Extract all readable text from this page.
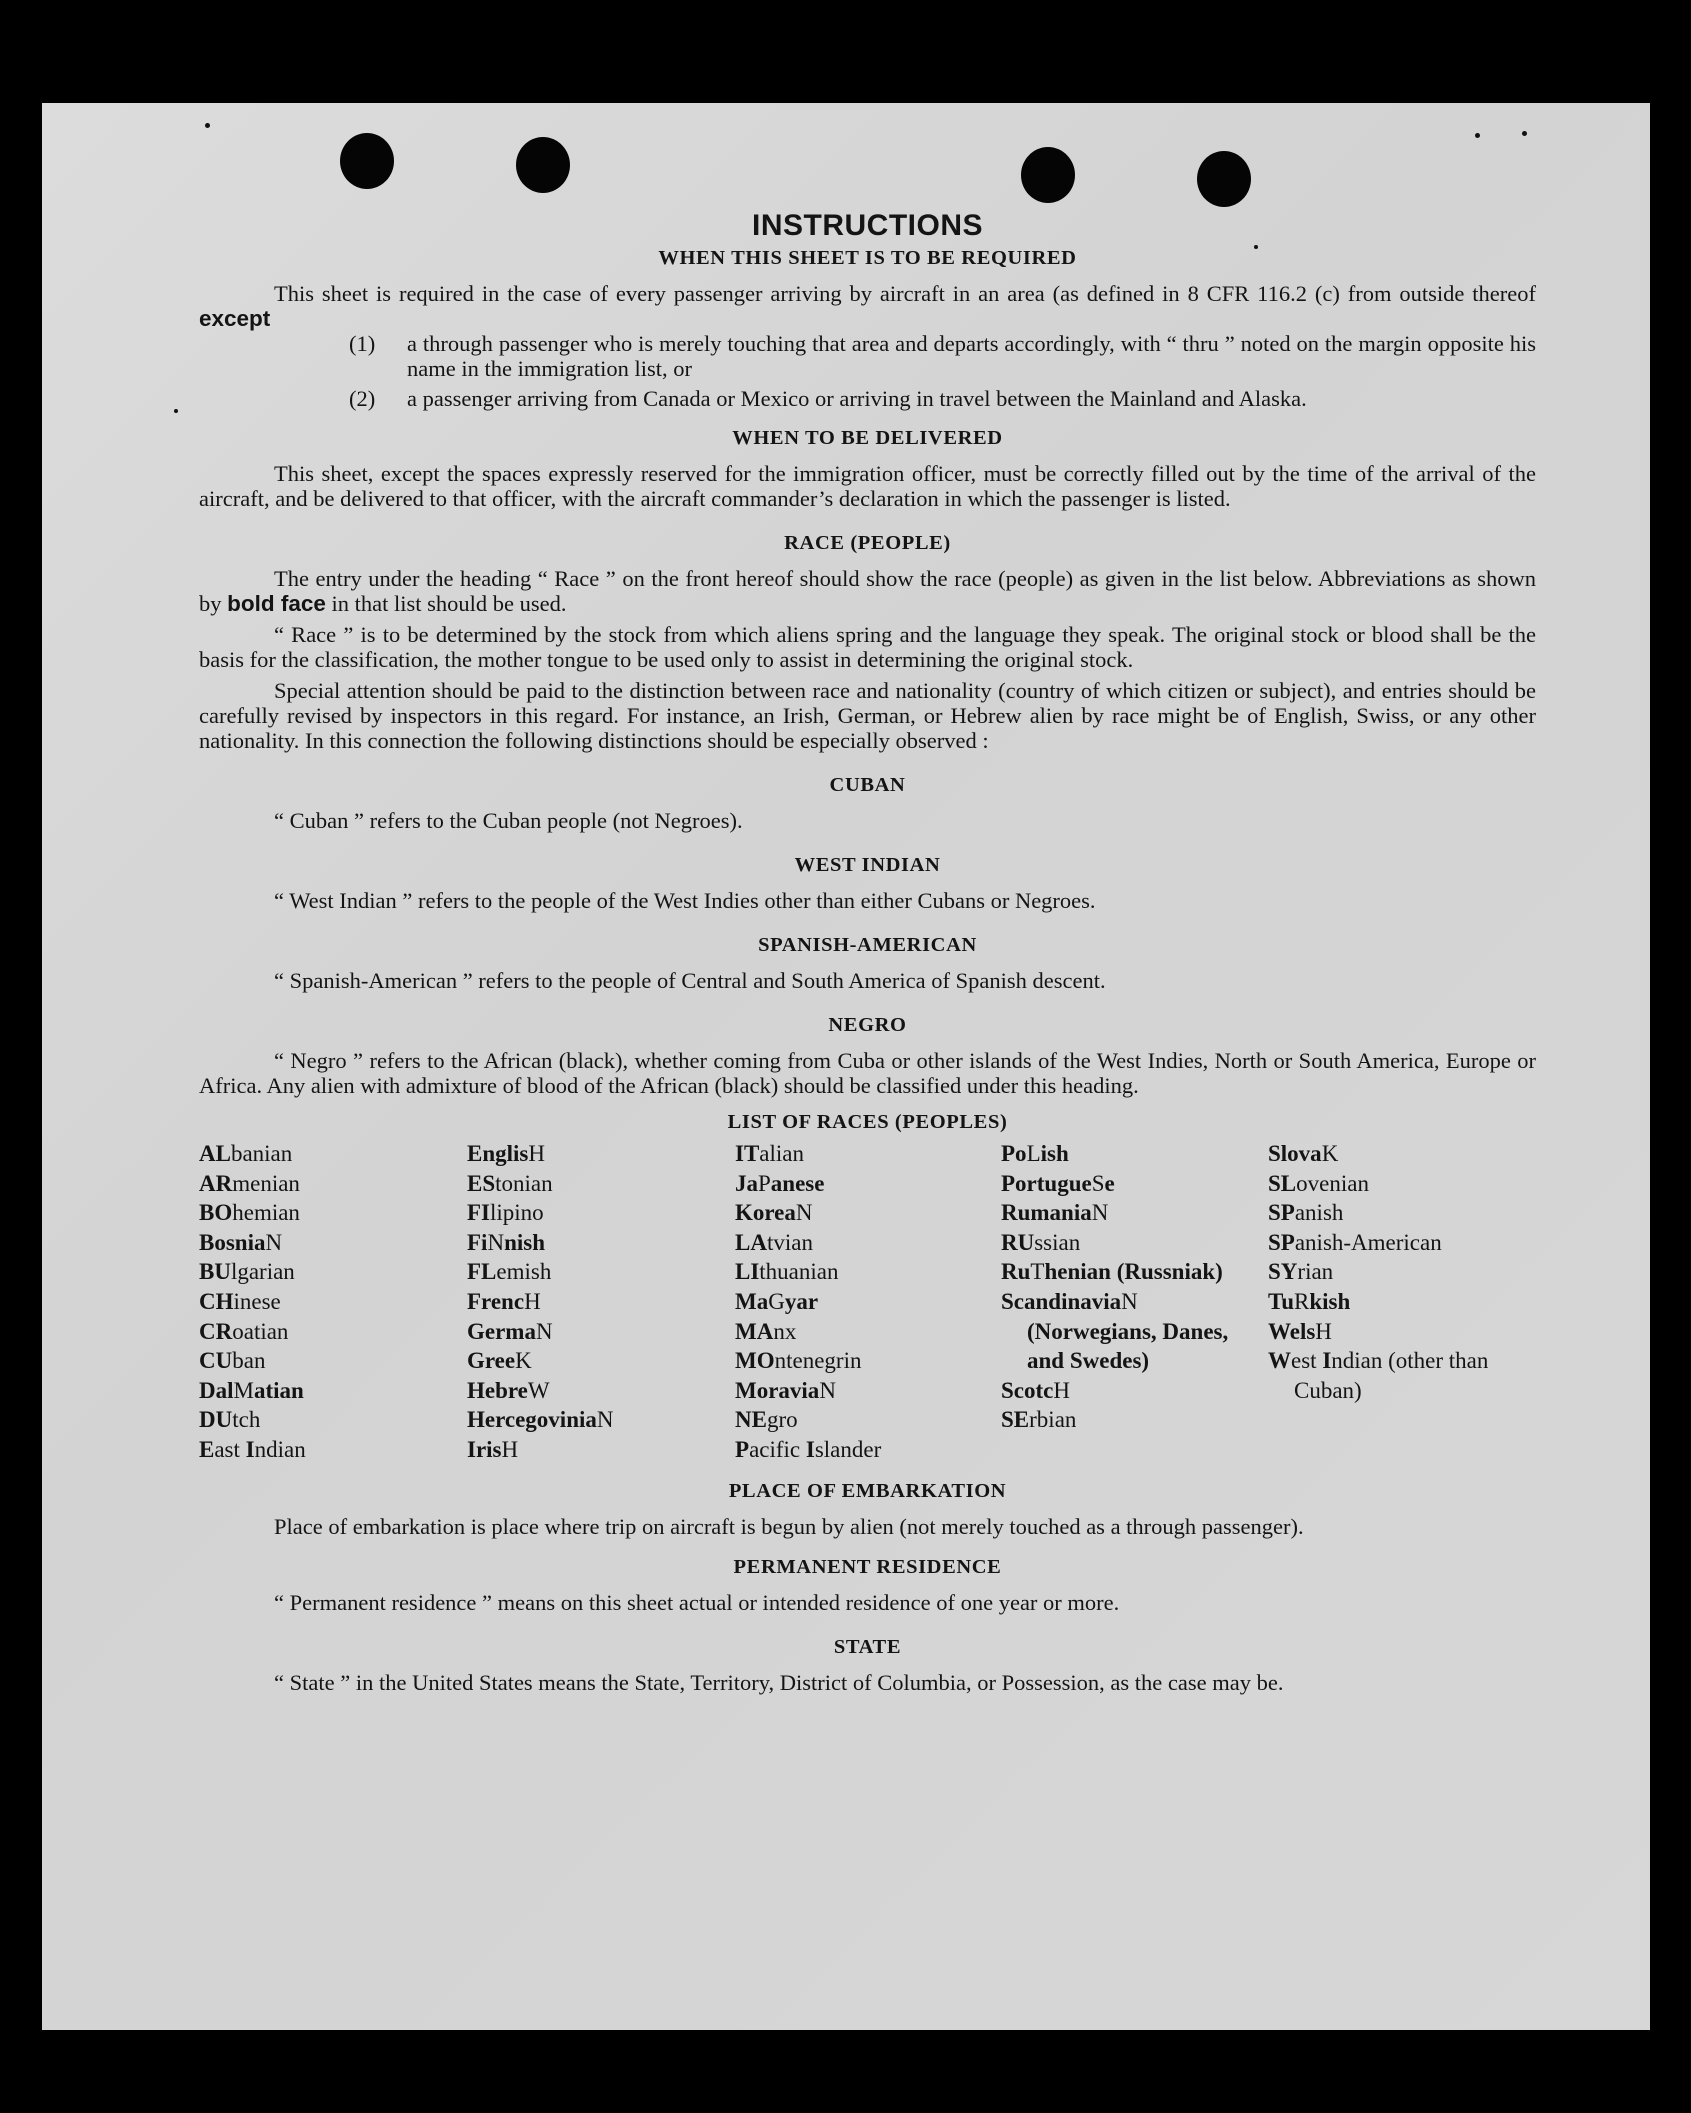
INSTRUCTIONS
WHEN THIS SHEET IS TO BE REQUIRED

This sheet is required in the case of every passenger arriving by aircraft in an area (as defined in 8 CFR 116.2 (c) from outside thereof except

(1)	a through passenger who is merely touching that area and departs accordingly, with “ thru ” noted on the margin opposite his name in the immigration list, or
(2)	a passenger arriving from Canada or Mexico or arriving in travel between the Mainland and Alaska.
WHEN TO BE DELIVERED

This sheet, except the spaces expressly reserved for the immigration officer, must be correctly filled out by the time of the arrival of the aircraft, and be delivered to that officer, with the aircraft commander’s declaration in which the passenger is listed.

RACE (PEOPLE)

The entry under the heading “ Race ” on the front hereof should show the race (people) as given in the list below. Abbreviations as shown by bold face in that list should be used.

“ Race ” is to be determined by the stock from which aliens spring and the language they speak. The original stock or blood shall be the basis for the classification, the mother tongue to be used only to assist in determining the original stock.

Special attention should be paid to the distinction between race and nationality (country of which citizen or subject), and entries should be carefully revised by inspectors in this regard. For instance, an Irish, German, or Hebrew alien by race might be of English, Swiss, or any other nationality. In this connection the following distinctions should be especially observed :

CUBAN

“ Cuban ” refers to the Cuban people (not Negroes).

WEST INDIAN

“ West Indian ” refers to the people of the West Indies other than either Cubans or Negroes.

SPANISH-AMERICAN

“ Spanish-American ” refers to the people of Central and South America of Spanish descent.

NEGRO

“ Negro ” refers to the African (black), whether coming from Cuba or other islands of the West Indies, North or South America, Europe or Africa. Any alien with admixture of blood of the African (black) should be classified under this heading.

LIST OF RACES (PEOPLES)
ALbanian
ARmenian
BOhemian
BosniaN
BUlgarian
CHinese
CRoatian
CUban
DalMatian
DUtch
East Indian
EnglisH
EStonian
FIlipino
FiNnish
FLemish
FrencH
GermaN
GreeK
HebreW
HercegoviniaN
IrisH
ITalian
JaPanese
KoreaN
LAtvian
LIthuanian
MaGyar
MAnx
MOntenegrin
MoraviaN
NEgro
Pacific Islander
PoLish
PortugueSe
RumaniaN
RUssian
RuThenian (Russniak)
ScandinaviaN (Norwegians, Danes, and Swedes)
ScotcH
SErbian
SlovaK
SLovenian
SPanish
SPanish-American
SYrian
TuRkish
WelsH
West Indian (other than Cuban)
PLACE OF EMBARKATION

Place of embarkation is place where trip on aircraft is begun by alien (not merely touched as a through passenger).

PERMANENT RESIDENCE

“ Permanent residence ” means on this sheet actual or intended residence of one year or more.

STATE

“ State ” in the United States means the State, Territory, District of Columbia, or Possession, as the case may be.
